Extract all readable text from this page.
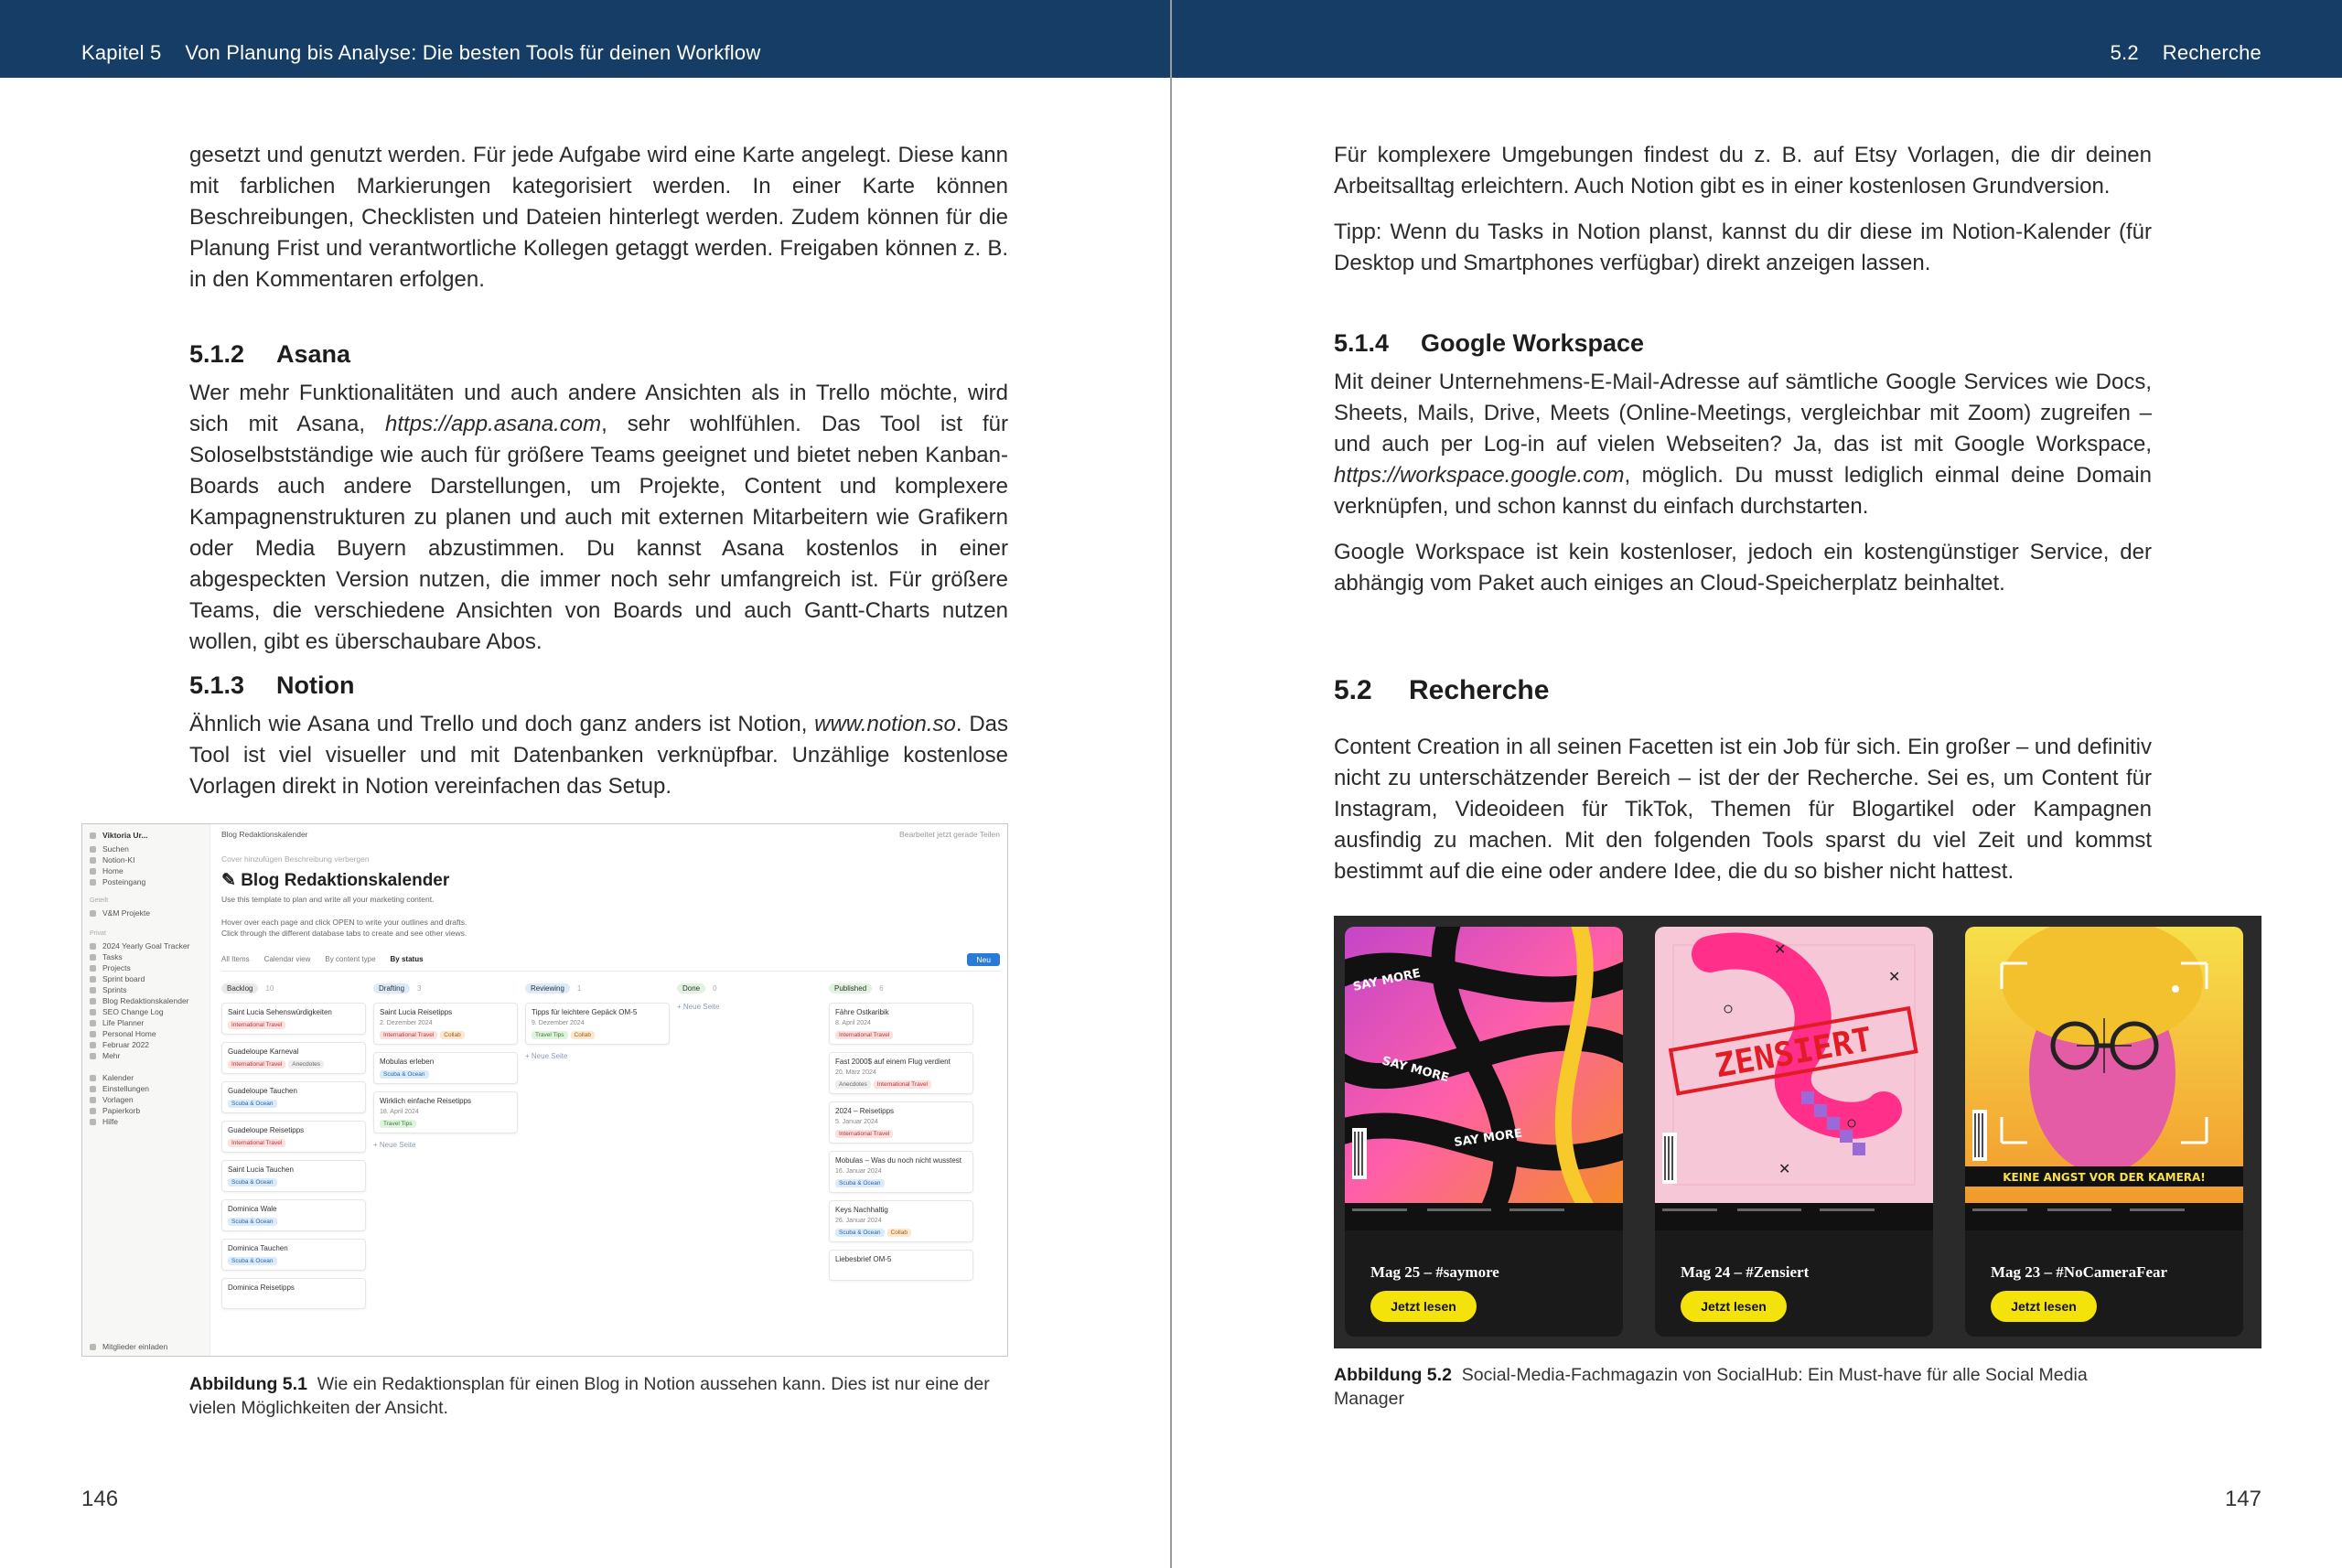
Kapitel 5 Von Planung bis Analyse: Die besten Tools für deinen Workflow

gesetzt und genutzt werden. Für jede Aufgabe wird eine Karte angelegt. Diese kann mit farblichen Markierungen kategorisiert werden. In einer Karte können Beschreibungen, Checklisten und Dateien hinterlegt werden. Zudem können für die Planung Frist und verantwortliche Kollegen getaggt werden. Freigaben können z. B. in den Kommentaren erfolgen.

5.1.2 Asana

Wer mehr Funktionalitäten und auch andere Ansichten als in Trello möchte, wird sich mit Asana, https://app.asana.com, sehr wohlfühlen. Das Tool ist für Soloselbstständige wie auch für größere Teams geeignet und bietet neben Kanban-Boards auch andere Darstellungen, um Projekte, Content und komplexere Kampagnenstrukturen zu planen und auch mit externen Mitarbeitern wie Grafikern oder Media Buyern abzustimmen. Du kannst Asana kostenlos in einer abgespeckten Version nutzen, die immer noch sehr umfangreich ist. Für größere Teams, die verschiedene Ansichten von Boards und auch Gantt-Charts nutzen wollen, gibt es überschaubare Abos.

5.1.3 Notion

Ähnlich wie Asana und Trello und doch ganz anders ist Notion, www.notion.so. Das Tool ist viel visueller und mit Datenbanken verknüpfbar. Unzählige kostenlose Vorlagen direkt in Notion vereinfachen das Setup.

Viktoria Ur...
Suchen
Notion-KI
Home
Posteingang
Geteilt
V&M Projekte
Privat
2024 Yearly Goal Tracker
Tasks
Projects
Sprint board
Sprints
Blog Redaktionskalender
SEO Change Log
Life Planner
Personal Home
Februar 2022
Mehr
Kalender
Einstellungen
Vorlagen
Papierkorb
Hilfe
Mitglieder einladen
Blog Redaktionskalender	Bearbeitet jetzt gerade Teilen
Cover hinzufügen Beschreibung verbergen
✎ Blog Redaktionskalender
Use this template to plan and write all your marketing content.
Hover over each page and click OPEN to write your outlines and drafts.
Click through the different database tabs to create and see other views.
All Items Calendar view By content type By status	Neu
Backlog 10
Saint Lucia Sehenswürdigkeiten
International Travel
Guadeloupe Karneval
International Travel Anecdotes
Guadeloupe Tauchen
Scuba & Ocean
Guadeloupe Reisetipps
International Travel
Saint Lucia Tauchen
Scuba & Ocean
Dominica Wale
Scuba & Ocean
Dominica Tauchen
Scuba & Ocean
Dominica Reisetipps
Drafting 3
Saint Lucia Reisetipps
2. Dezember 2024
International Travel Collab
Mobulas erleben
Scuba & Ocean
Wirklich einfache Reisetipps
18. April 2024
Travel Tips
+ Neue Seite
Reviewing 1
Tipps für leichtere Gepäck OM-5
9. Dezember 2024
Travel Tips Collab
+ Neue Seite
Done 0
+ Neue Seite
Published 6
Fähre Ostkaribik
8. April 2024
International Travel
Fast 2000$ auf einem Flug verdient
20. März 2024
Anecdotes International Travel
2024 – Reisetipps
5. Januar 2024
International Travel
Mobulas – Was du noch nicht wusstest
16. Januar 2024
Scuba & Ocean
Keys Nachhaltig
26. Januar 2024
Scuba & Ocean Collab
Liebesbrief OM-5
Abbildung 5.1 Wie ein Redaktionsplan für einen Blog in Notion aussehen kann. Dies ist nur eine der vielen Möglichkeiten der Ansicht.
146
5.2 Recherche

Für komplexere Umgebungen findest du z. B. auf Etsy Vorlagen, die dir deinen Arbeitsalltag erleichtern. Auch Notion gibt es in einer kostenlosen Grundversion.

Tipp: Wenn du Tasks in Notion planst, kannst du dir diese im Notion-Kalender (für Desktop und Smartphones verfügbar) direkt anzeigen lassen.

5.1.4 Google Workspace

Mit deiner Unternehmens-E-Mail-Adresse auf sämtliche Google Services wie Docs, Sheets, Mails, Drive, Meets (Online-Meetings, vergleichbar mit Zoom) zugreifen – und auch per Log-in auf vielen Webseiten? Ja, das ist mit Google Workspace, https://workspace.google.com, möglich. Du musst lediglich einmal deine Domain verknüpfen, und schon kannst du einfach durchstarten.

Google Workspace ist kein kostenloser, jedoch ein kostengünstiger Service, der abhängig vom Paket auch einiges an Cloud-Speicherplatz beinhaltet.

5.2 Recherche

Content Creation in all seinen Facetten ist ein Job für sich. Ein großer – und definitiv nicht zu unterschätzender Bereich – ist der der Recherche. Sei es, um Content für Instagram, Videoideen für TikTok, Themen für Blogartikel oder Kampagnen ausfindig zu machen. Mit den folgenden Tools sparst du viel Zeit und kommst bestimmt auf die eine oder andere Idee, die du so bisher nicht hattest.

Abbildung 5.2 Social-Media-Fachmagazin von SocialHub: Ein Must-have für alle Social Media Manager
147
SAY MORE
SAY MORE
SAY MORE
Mag 25 – #saymore
Jetzt lesen
ZENSIERT
✕
✕
✕
Mag 24 – #Zensiert
Jetzt lesen
KEINE ANGST VOR DER KAMERA!
Mag 23 – #NoCameraFear
Jetzt lesen
